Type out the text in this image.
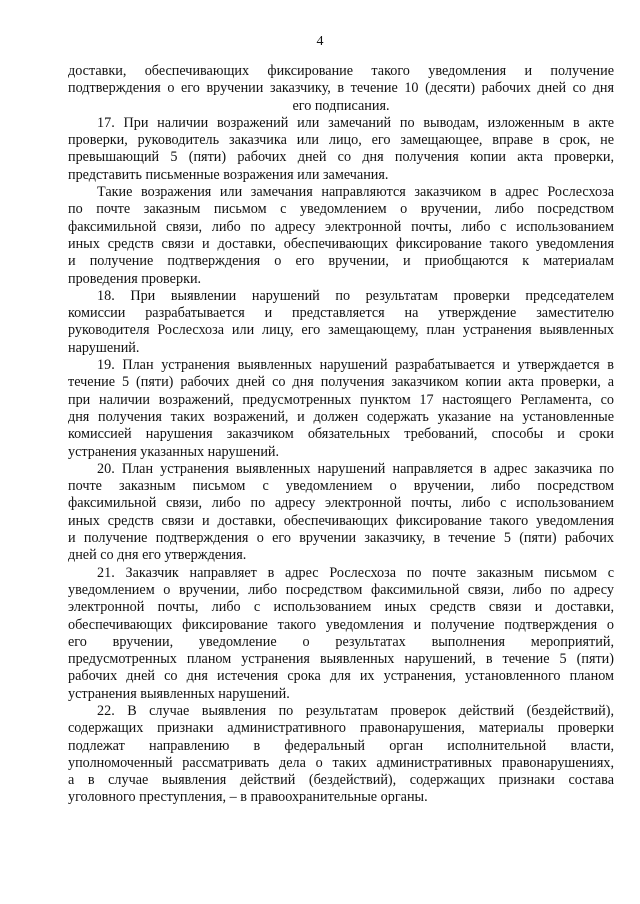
4
доставки, обеспечивающих фиксирование такого уведомления и получение
подтверждения о его вручении заказчику, в течение 10 (десяти) рабочих дней со дня
его подписания.
17. При наличии возражений или замечаний по выводам, изложенным в акте
проверки, руководитель заказчика или лицо, его замещающее, вправе в срок, не
превышающий 5 (пяти) рабочих дней со дня получения копии акта проверки,
представить письменные возражения или замечания.
Такие возражения или замечания направляются заказчиком в адрес Рослесхоза
по почте заказным письмом с уведомлением о вручении, либо посредством
факсимильной связи, либо по адресу электронной почты, либо с использованием
иных средств связи и доставки, обеспечивающих фиксирование такого уведомления
и получение подтверждения о его вручении, и приобщаются к материалам
проведения проверки.
18. При выявлении нарушений по результатам проверки председателем
комиссии разрабатывается и представляется на утверждение заместителю
руководителя Рослесхоза или лицу, его замещающему, план устранения выявленных
нарушений.
19. План устранения выявленных нарушений разрабатывается и утверждается в
течение 5 (пяти) рабочих дней со дня получения заказчиком копии акта проверки, а
при наличии возражений, предусмотренных пунктом 17 настоящего Регламента, со
дня получения таких возражений, и должен содержать указание на установленные
комиссией нарушения заказчиком обязательных требований, способы и сроки
устранения указанных нарушений.
20. План устранения выявленных нарушений направляется в адрес заказчика по
почте заказным письмом с уведомлением о вручении, либо посредством
факсимильной связи, либо по адресу электронной почты, либо с использованием
иных средств связи и доставки, обеспечивающих фиксирование такого уведомления
и получение подтверждения о его вручении заказчику, в течение 5 (пяти) рабочих
дней со дня его утверждения.
21. Заказчик направляет в адрес Рослесхоза по почте заказным письмом с
уведомлением о вручении, либо посредством факсимильной связи, либо по адресу
электронной почты, либо с использованием иных средств связи и доставки,
обеспечивающих фиксирование такого уведомления и получение подтверждения о
его вручении, уведомление о результатах выполнения мероприятий,
предусмотренных планом устранения выявленных нарушений, в течение 5 (пяти)
рабочих дней со дня истечения срока для их устранения, установленного планом
устранения выявленных нарушений.
22. В случае выявления по результатам проверок действий (бездействий),
содержащих признаки административного правонарушения, материалы проверки
подлежат направлению в федеральный орган исполнительной власти,
уполномоченный рассматривать дела о таких административных правонарушениях,
а в случае выявления действий (бездействий), содержащих признаки состава
уголовного преступления, – в правоохранительные органы.
